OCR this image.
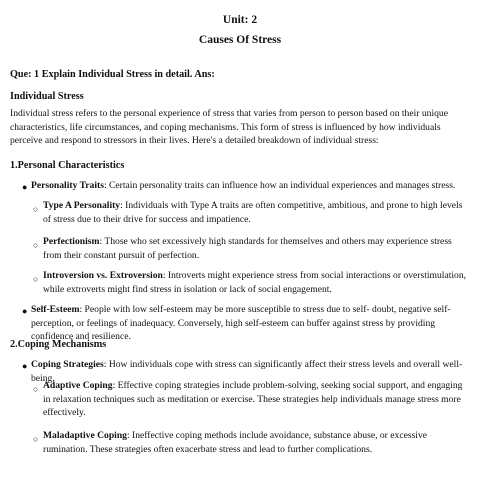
Unit: 2
Causes Of Stress
Que: 1 Explain Individual Stress in detail. Ans:
Individual Stress
Individual stress refers to the personal experience of stress that varies from person to person based on their unique characteristics, life circumstances, and coping mechanisms. This form of stress is influenced by how individuals perceive and respond to stressors in their lives. Here's a detailed breakdown of individual stress:
1.Personal Characteristics
● Personality Traits: Certain personality traits can influence how an individual experiences and manages stress.
○ Type A Personality: Individuals with Type A traits are often competitive, ambitious, and prone to high levels of stress due to their drive for success and impatience.
○ Perfectionism: Those who set excessively high standards for themselves and others may experience stress from their constant pursuit of perfection.
○ Introversion vs. Extroversion: Introverts might experience stress from social interactions or overstimulation, while extroverts might find stress in isolation or lack of social engagement.
● Self-Esteem: People with low self-esteem may be more susceptible to stress due to self- doubt, negative self-perception, or feelings of inadequacy. Conversely, high self-esteem can buffer against stress by providing confidence and resilience.
2.Coping Mechanisms
● Coping Strategies: How individuals cope with stress can significantly affect their stress levels and overall well-being.
○ Adaptive Coping: Effective coping strategies include problem-solving, seeking social support, and engaging in relaxation techniques such as meditation or exercise. These strategies help individuals manage stress more effectively.
○ Maladaptive Coping: Ineffective coping methods include avoidance, substance abuse, or excessive rumination. These strategies often exacerbate stress and lead to further complications.
